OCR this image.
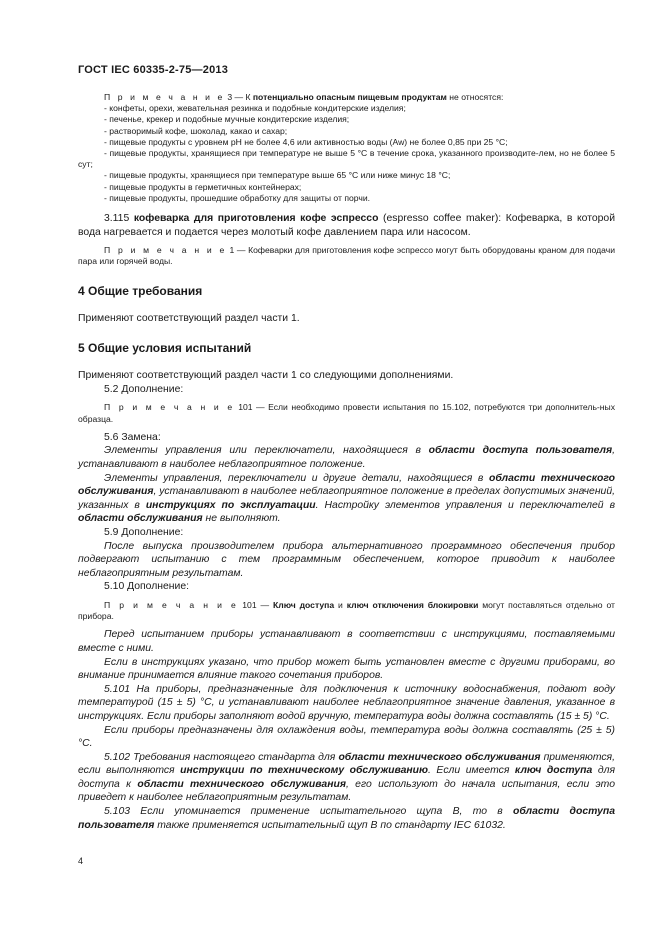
ГОСТ IEC 60335-2-75—2013
П р и м е ч а н и е 3 — К потенциально опасным пищевым продуктам не относятся:
- конфеты, орехи, жевательная резинка и подобные кондитерские изделия;
- печенье, крекер и подобные мучные кондитерские изделия;
- растворимый кофе, шоколад, какао и сахар;
- пищевые продукты с уровнем pH не более 4,6 или активностью воды (Aw) не более 0,85 при 25 °С;
- пищевые продукты, хранящиеся при температуре не выше 5 °С в течение срока, указанного производите-лем, но не более 5 сут;
- пищевые продукты, хранящиеся при температуре выше 65 °С или ниже минус 18 °С;
- пищевые продукты в герметичных контейнерах;
- пищевые продукты, прошедшие обработку для защиты от порчи.
3.115 кофеварка для приготовления кофе эспрессо (espresso coffee maker): Кофеварка, в которой вода нагревается и подается через молотый кофе давлением пара или насосом.
П р и м е ч а н и е 1 — Кофеварки для приготовления кофе эспрессо могут быть оборудованы краном для подачи пара или горячей воды.
4 Общие требования
Применяют соответствующий раздел части 1.
5 Общие условия испытаний
Применяют соответствующий раздел части 1 со следующими дополнениями.
5.2 Дополнение:
П р и м е ч а н и е 101 — Если необходимо провести испытания по 15.102, потребуются три дополнитель-ных образца.
5.6 Замена:
Элементы управления или переключатели, находящиеся в области доступа пользователя, устанавливают в наиболее неблагоприятное положение.
Элементы управления, переключатели и другие детали, находящиеся в области технического обслуживания, устанавливают в наиболее неблагоприятное положение в пределах допустимых значений, указанных в инструкциях по эксплуатации. Настройку элементов управления и переключателей в области обслуживания не выполняют.
5.9 Дополнение:
После выпуска производителем прибора альтернативного программного обеспечения прибор подвергают испытанию с тем программным обеспечением, которое приводит к наиболее неблагоприятным результатам.
5.10 Дополнение:
П р и м е ч а н и е 101 — Ключ доступа и ключ отключения блокировки могут поставляться отдельно от прибора.
Перед испытанием приборы устанавливают в соответствии с инструкциями, поставляемыми вместе с ними.
Если в инструкциях указано, что прибор может быть установлен вместе с другими приборами, во внимание принимается влияние такого сочетания приборов.
5.101 На приборы, предназначенные для подключения к источнику водоснабжения, подают воду температурой (15 ± 5) °С, и устанавливают наиболее неблагоприятное значение давления, указанное в инструкциях. Если приборы заполняют водой вручную, температура воды должна составлять (15 ± 5) °С.
Если приборы предназначены для охлаждения воды, температура воды должна составлять (25 ± 5) °С.
5.102 Требования настоящего стандарта для области технического обслуживания применяются, если выполняются инструкции по техническому обслуживанию. Если имеется ключ доступа для доступа к области технического обслуживания, его используют до начала испытания, если это приведет к наиболее неблагоприятным результатам.
5.103 Если упоминается применение испытательного щупа В, то в области доступа пользователя также применяется испытательный щуп В по стандарту IEC 61032.
4
